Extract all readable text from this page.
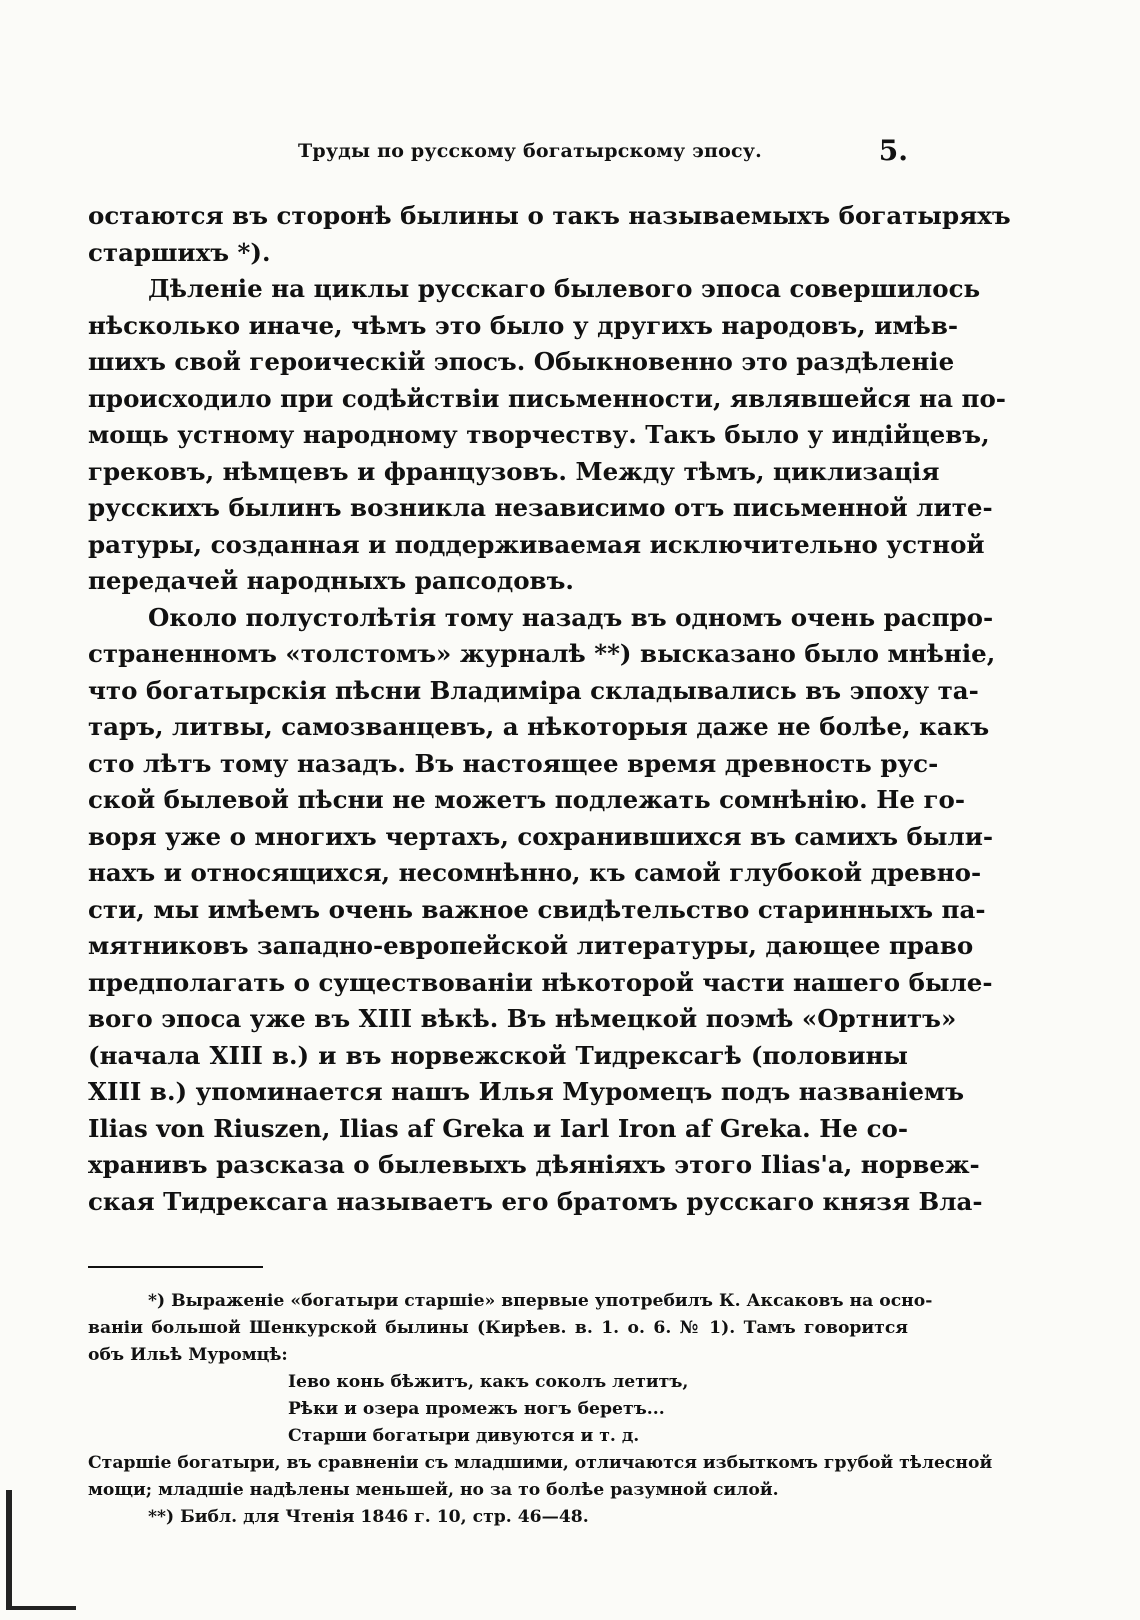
Труды по русскому богатырскому эпосу.	5.
остаются въ сторонѣ былины о такъ называемыхъ богатыряхъ
старшихъ *).
Дѣленіе на циклы русскаго былевого эпоса совершилось
нѣсколько иначе, чѣмъ это было у другихъ народовъ, имѣв-
шихъ свой героическій эпосъ. Обыкновенно это раздѣленіе
происходило при содѣйствіи письменности, являвшейся на по-
мощь устному народному творчеству. Такъ было у индійцевъ,
грековъ, нѣмцевъ и французовъ. Между тѣмъ, циклизація
русскихъ былинъ возникла независимо отъ письменной лите-
ратуры, созданная и поддерживаемая исключительно устной
передачей народныхъ рапсодовъ.
Около полустолѣтія тому назадъ въ одномъ очень распро-
страненномъ «толстомъ» журналѣ **) высказано было мнѣніе,
что богатырскія пѣсни Владиміра складывались въ эпоху та-
таръ, литвы, самозванцевъ, а нѣкоторыя даже не болѣе, какъ
сто лѣтъ тому назадъ. Въ настоящее время древность рус-
ской былевой пѣсни не можетъ подлежать сомнѣнію. Не го-
воря уже о многихъ чертахъ, сохранившихся въ самихъ были-
нахъ и относящихся, несомнѣнно, къ самой глубокой древно-
сти, мы имѣемъ очень важное свидѣтельство старинныхъ па-
мятниковъ западно-европейской литературы, дающее право
предполагать о существованіи нѣкоторой части нашего быле-
вого эпоса уже въ XIII вѣкѣ. Въ нѣмецкой поэмѣ «Ортнитъ»
(начала XIII в.) и въ норвежской Тидрексагѣ (половины
XIII в.) упоминается нашъ Илья Муромецъ подъ названіемъ
Ilias von Riuszen, Ilias af Greka и Iarl Iron af Greka. Не со-
хранивъ разсказа о былевыхъ дѣяніяхъ этого Ilias'а, норвеж-
ская Тидрексага называетъ его братомъ русскаго князя Вла-
*) Выраженіе «богатыри старшіе» впервые употребилъ К. Аксаковъ на осно-
ваніи большой Шенкурской былины (Кирѣев. в. 1. о. 6. № 1). Тамъ говорится
объ Ильѣ Муромцѣ:
Іево конь бѣжитъ, какъ соколъ летитъ,
Рѣки и озера промежъ ногъ беретъ...
Старши богатыри дивуются и т. д.
Старшіе богатыри, въ сравненіи съ младшими, отличаются избыткомъ грубой тѣлесной
мощи; младшіе надѣлены меньшей, но за то болѣе разумной силой.
**) Библ. для Чтенія 1846 г. 10, стр. 46—48.
